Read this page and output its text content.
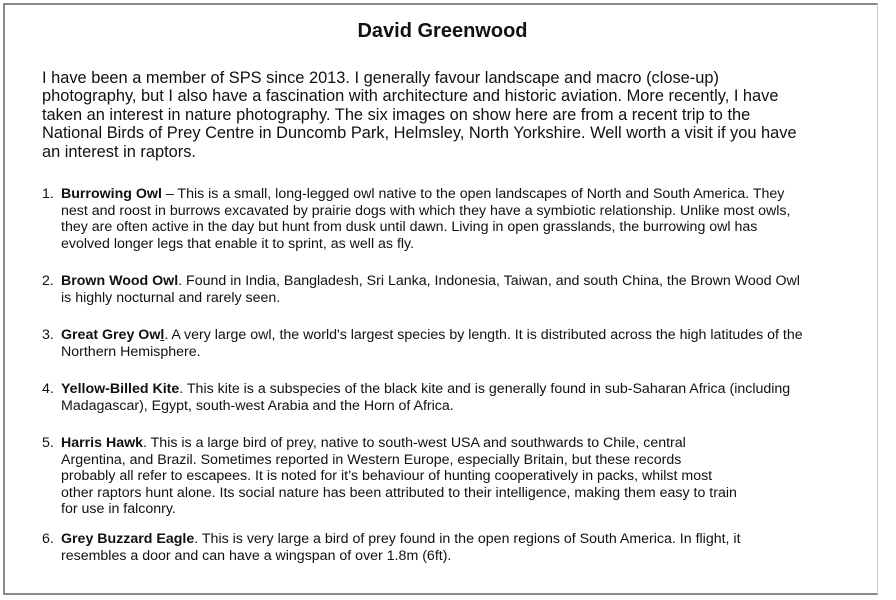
David Greenwood
I have been a member of SPS since 2013. I generally favour landscape and macro (close-up)
photography, but I also have a fascination with architecture and historic aviation. More recently, I have
taken an interest in nature photography. The six images on show here are from a recent trip to the
National Birds of Prey Centre in Duncomb Park, Helmsley, North Yorkshire. Well worth a visit if you have
an interest in raptors.
1. Burrowing Owl – This is a small, long-legged owl native to the open landscapes of North and South America. They
nest and roost in burrows excavated by prairie dogs with which they have a symbiotic relationship. Unlike most owls,
they are often active in the day but hunt from dusk until dawn. Living in open grasslands, the burrowing owl has
evolved longer legs that enable it to sprint, as well as fly.
2. Brown Wood Owl. Found in India, Bangladesh, Sri Lanka, Indonesia, Taiwan, and south China, the Brown Wood Owl
is highly nocturnal and rarely seen.
3. Great Grey Owl. A very large owl, the world's largest species by length. It is distributed across the high latitudes of the
Northern Hemisphere.
4. Yellow-Billed Kite. This kite is a subspecies of the black kite and is generally found in sub-Saharan Africa (including
Madagascar), Egypt, south-west Arabia and the Horn of Africa.
5. Harris Hawk. This is a large bird of prey, native to south-west USA and southwards to Chile, central
Argentina, and Brazil. Sometimes reported in Western Europe, especially Britain, but these records
probably all refer to escapees. It is noted for it’s behaviour of hunting cooperatively in packs, whilst most
other raptors hunt alone. Its social nature has been attributed to their intelligence, making them easy to train
for use in falconry.
6. Grey Buzzard Eagle. This is very large a bird of prey found in the open regions of South America. In flight, it
resembles a door and can have a wingspan of over 1.8m (6ft).
